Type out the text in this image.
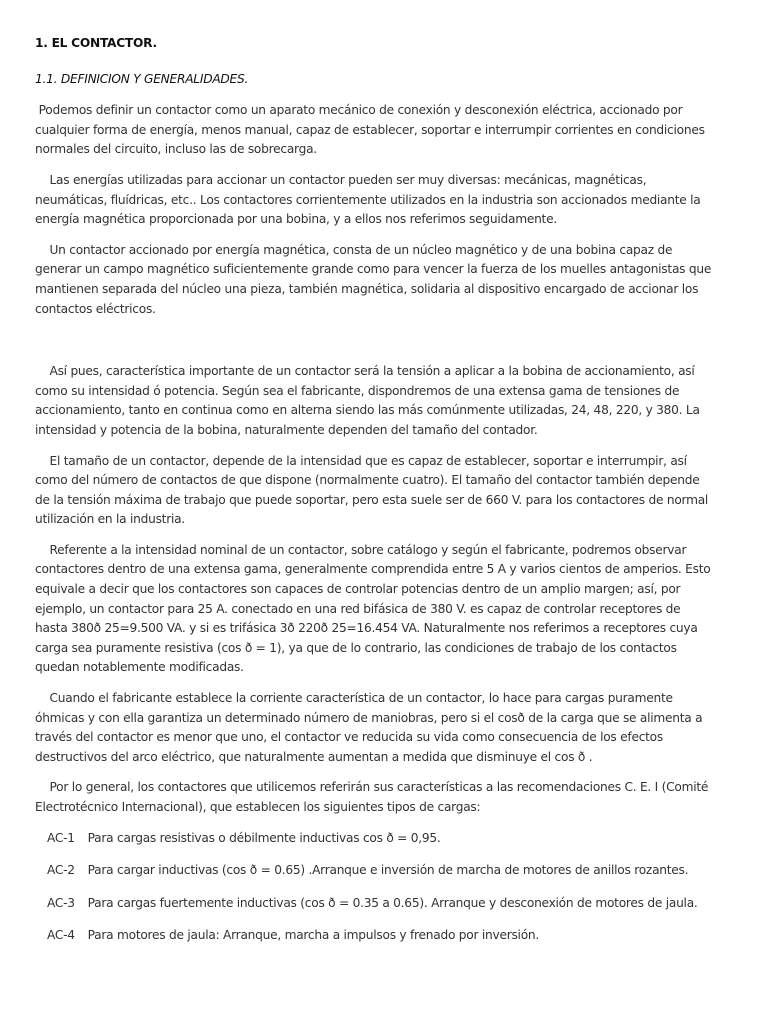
1. EL CONTACTOR.
1.1. DEFINICION Y GENERALIDADES.

Podemos definir un contactor como un aparato mecánico de conexión y desconexión eléctrica, accionado por cualquier forma de energía, menos manual, capaz de establecer, soportar e interrumpir corrientes en condiciones normales del circuito, incluso las de sobrecarga.

Las energías utilizadas para accionar un contactor pueden ser muy diversas: mecánicas, magnéticas, neumáticas, fluídricas, etc.. Los contactores corrientemente utilizados en la industria son accionados mediante la energía magnética proporcionada por una bobina, y a ellos nos referimos seguidamente.

Un contactor accionado por energía magnética, consta de un núcleo magnético y de una bobina capaz de generar un campo magnético suficientemente grande como para vencer la fuerza de los muelles antagonistas que mantienen separada del núcleo una pieza, también magnética, solidaria al dispositivo encargado de accionar los contactos eléctricos.

Así pues, característica importante de un contactor será la tensión a aplicar a la bobina de accionamiento, así como su intensidad ó potencia. Según sea el fabricante, dispondremos de una extensa gama de tensiones de accionamiento, tanto en continua como en alterna siendo las más comúnmente utilizadas, 24, 48, 220, y 380. La intensidad y potencia de la bobina, naturalmente dependen del tamaño del contador.

El tamaño de un contactor, depende de la intensidad que es capaz de establecer, soportar e interrumpir, así como del número de contactos de que dispone (normalmente cuatro). El tamaño del contactor también depende de la tensión máxima de trabajo que puede soportar, pero esta suele ser de 660 V. para los contactores de normal utilización en la industria.

Referente a la intensidad nominal de un contactor, sobre catálogo y según el fabricante, podremos observar contactores dentro de una extensa gama, generalmente comprendida entre 5 A y varios cientos de amperios. Esto equivale a decir que los contactores son capaces de controlar potencias dentro de un amplio margen; así, por ejemplo, un contactor para 25 A. conectado en una red bifásica de 380 V. es capaz de controlar receptores de hasta 380ð 25=9.500 VA. y si es trifásica 3ð 220ð 25=16.454 VA. Naturalmente nos referimos a receptores cuya carga sea puramente resistiva (cos ð = 1), ya que de lo contrario, las condiciones de trabajo de los contactos quedan notablemente modificadas.

Cuando el fabricante establece la corriente característica de un contactor, lo hace para cargas puramente óhmicas y con ella garantiza un determinado número de maniobras, pero si el cosð de la carga que se alimenta a través del contactor es menor que uno, el contactor ve reducida su vida como consecuencia de los efectos destructivos del arco eléctrico, que naturalmente aumentan a medida que disminuye el cos ð .

Por lo general, los contactores que utilicemos referirán sus características a las recomendaciones C. E. I (Comité Electrotécnico Internacional), que establecen los siguientes tipos de cargas:

AC-1 Para cargas resistivas o débilmente inductivas cos ð = 0,95.
AC-2 Para cargar inductivas (cos ð = 0.65) .Arranque e inversión de marcha de motores de anillos rozantes.
AC-3 Para cargas fuertemente inductivas (cos ð = 0.35 a 0.65). Arranque y desconexión de motores de jaula.
AC-4 Para motores de jaula: Arranque, marcha a impulsos y frenado por inversión.
